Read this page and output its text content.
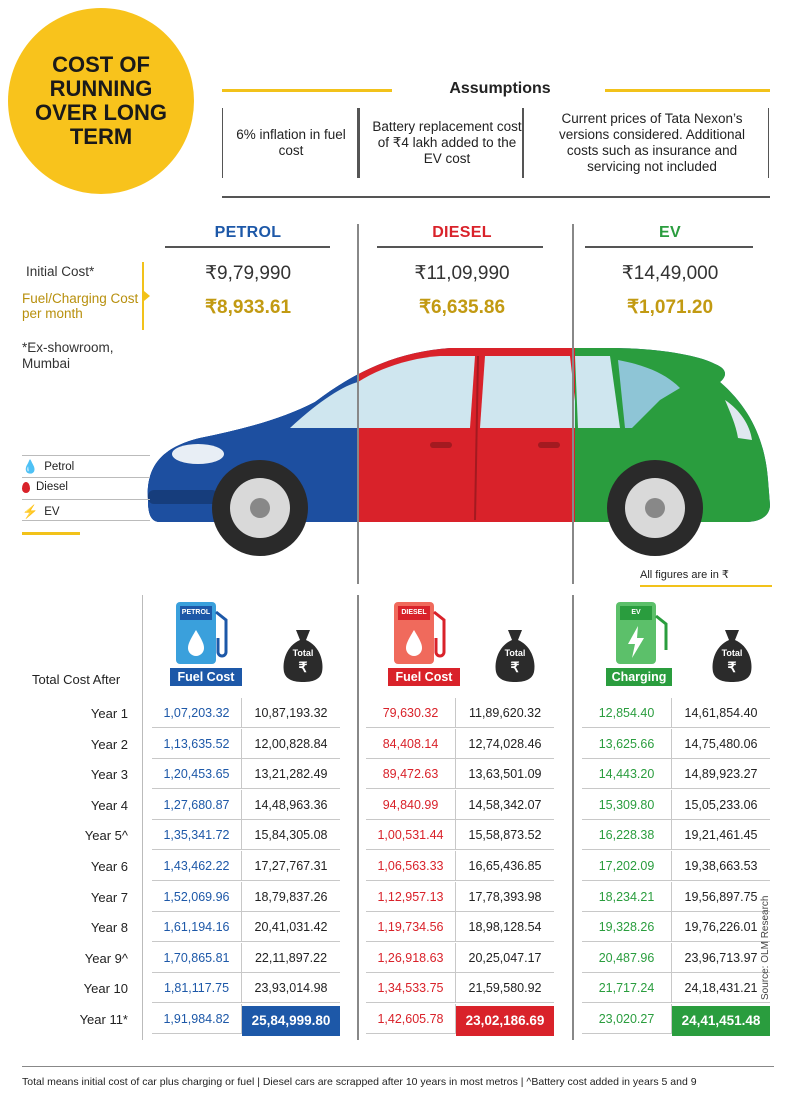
COST OF
RUNNING
OVER LONG
TERM
Assumptions
6% inflation in fuel cost
Battery replacement cost of ₹4 lakh added to the EV cost
Current prices of Tata Nexon’s versions considered. Additional costs such as insurance and servicing not included
PETROL	DIESEL	EV
Initial Cost*
Fuel/Charging Cost per month
*Ex-showroom, Mumbai
₹9,79,990	₹11,09,990	₹14,49,000
₹8,933.61	₹6,635.86	₹1,071.20
💧 Petrol
Diesel
⚡ EV
All figures are in ₹
Total Cost After
PETROL
Fuel Cost
DIESEL
Fuel Cost
EV
Charging
Total
₹
Total
₹
Total
₹
Year 1	1,07,203.32	10,87,193.32	79,630.32	11,89,620.32	12,854.40	14,61,854.40
Year 2	1,13,635.52	12,00,828.84	84,408.14	12,74,028.46	13,625.66	14,75,480.06
Year 3	1,20,453.65	13,21,282.49	89,472.63	13,63,501.09	14,443.20	14,89,923.27
Year 4	1,27,680.87	14,48,963.36	94,840.99	14,58,342.07	15,309.80	15,05,233.06
Year 5^	1,35,341.72	15,84,305.08	1,00,531.44	15,58,873.52	16,228.38	19,21,461.45
Year 6	1,43,462.22	17,27,767.31	1,06,563.33	16,65,436.85	17,202.09	19,38,663.53
Year 7	1,52,069.96	18,79,837.26	1,12,957.13	17,78,393.98	18,234.21	19,56,897.75
Year 8	1,61,194.16	20,41,031.42	1,19,734.56	18,98,128.54	19,328.26	19,76,226.01
Year 9^	1,70,865.81	22,11,897.22	1,26,918.63	20,25,047.17	20,487.96	23,96,713.97
Year 10	1,81,117.75	23,93,014.98	1,34,533.75	21,59,580.92	21,717.24	24,18,431.21
Year 11*	1,91,984.82	25,84,999.80	1,42,605.78	23,02,186.69	23,020.27	24,41,451.48
Total means initial cost of car plus charging or fuel | Diesel cars are scrapped after 10 years in most metros | ^Battery cost added in years 5 and 9
Source: OLM Research
